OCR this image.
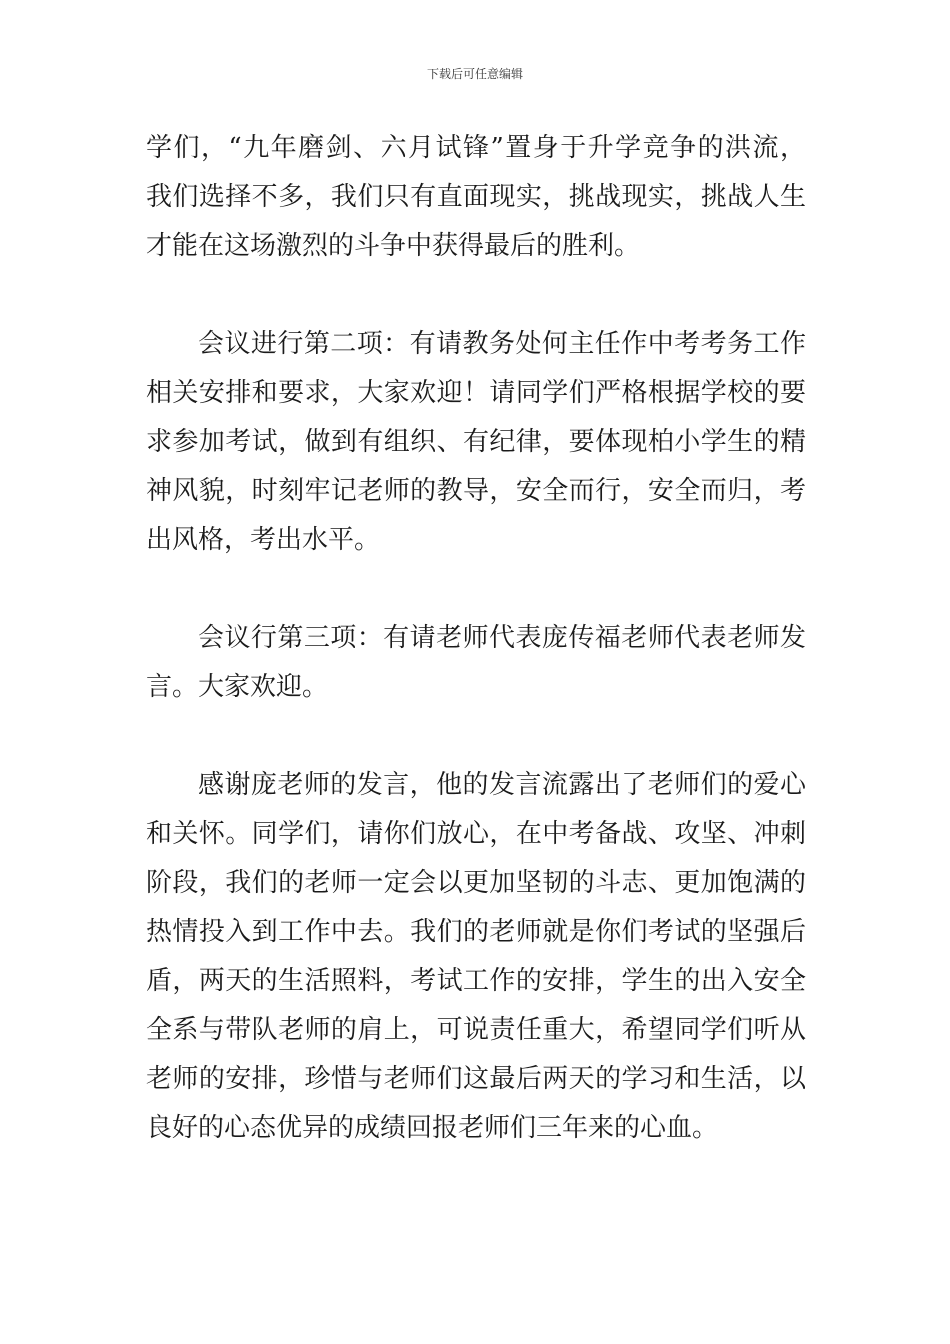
下载后可任意编辑
学们，“九年磨剑、六月试锋”置身于升学竞争的洪流，
我们选择不多，我们只有直面现实，挑战现实，挑战人生
才能在这场激烈的斗争中获得最后的胜利。
会议进行第二项：有请教务处何主任作中考考务工作
相关安排和要求，大家欢迎！请同学们严格根据学校的要
求参加考试，做到有组织、有纪律，要体现柏小学生的精
神风貌，时刻牢记老师的教导，安全而行，安全而归，考
出风格，考出水平。
会议行第三项：有请老师代表庞传福老师代表老师发
言。大家欢迎。
感谢庞老师的发言，他的发言流露出了老师们的爱心
和关怀。同学们，请你们放心，在中考备战、攻坚、冲刺
阶段，我们的老师一定会以更加坚韧的斗志、更加饱满的
热情投入到工作中去。我们的老师就是你们考试的坚强后
盾，两天的生活照料，考试工作的安排，学生的出入安全
全系与带队老师的肩上，可说责任重大，希望同学们听从
老师的安排，珍惜与老师们这最后两天的学习和生活，以
良好的心态优异的成绩回报老师们三年来的心血。
